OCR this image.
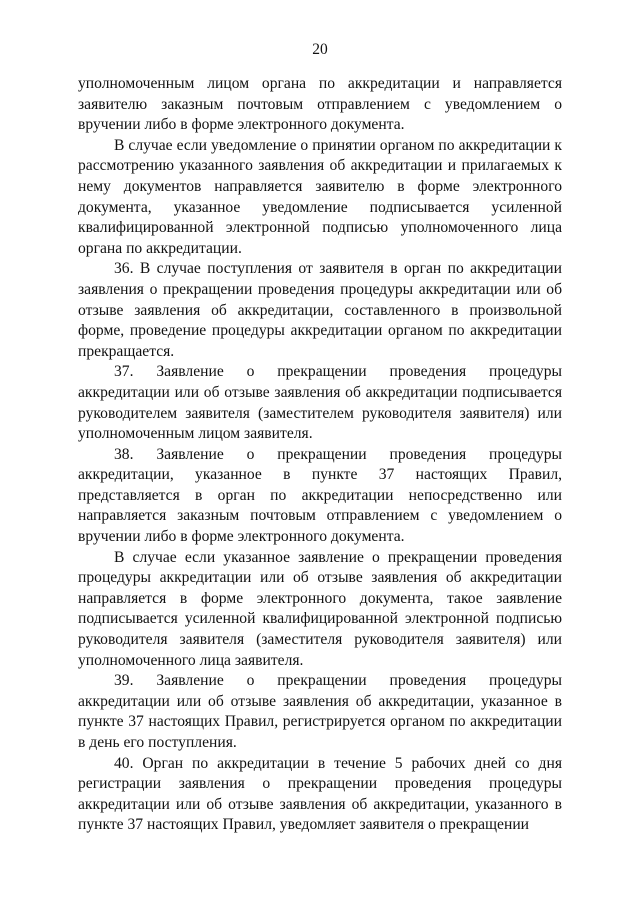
20

уполномоченным лицом органа по аккредитации и направляется заявителю заказным почтовым отправлением с уведомлением о вручении либо в форме электронного документа.

В случае если уведомление о принятии органом по аккредитации к рассмотрению указанного заявления об аккредитации и прилагаемых к нему документов направляется заявителю в форме электронного документа, указанное уведомление подписывается усиленной квалифицированной электронной подписью уполномоченного лица органа по аккредитации.

36. В случае поступления от заявителя в орган по аккредитации заявления о прекращении проведения процедуры аккредитации или об отзыве заявления об аккредитации, составленного в произвольной форме, проведение процедуры аккредитации органом по аккредитации прекращается.

37. Заявление о прекращении проведения процедуры аккредитации или об отзыве заявления об аккредитации подписывается руководителем заявителя (заместителем руководителя заявителя) или уполномоченным лицом заявителя.

38. Заявление о прекращении проведения процедуры аккредитации, указанное в пункте 37 настоящих Правил, представляется в орган по аккредитации непосредственно или направляется заказным почтовым отправлением с уведомлением о вручении либо в форме электронного документа.

В случае если указанное заявление о прекращении проведения процедуры аккредитации или об отзыве заявления об аккредитации направляется в форме электронного документа, такое заявление подписывается усиленной квалифицированной электронной подписью руководителя заявителя (заместителя руководителя заявителя) или уполномоченного лица заявителя.

39. Заявление о прекращении проведения процедуры аккредитации или об отзыве заявления об аккредитации, указанное в пункте 37 настоящих Правил, регистрируется органом по аккредитации в день его поступления.

40. Орган по аккредитации в течение 5 рабочих дней со дня регистрации заявления о прекращении проведения процедуры аккредитации или об отзыве заявления об аккредитации, указанного в пункте 37 настоящих Правил, уведомляет заявителя о прекращении
